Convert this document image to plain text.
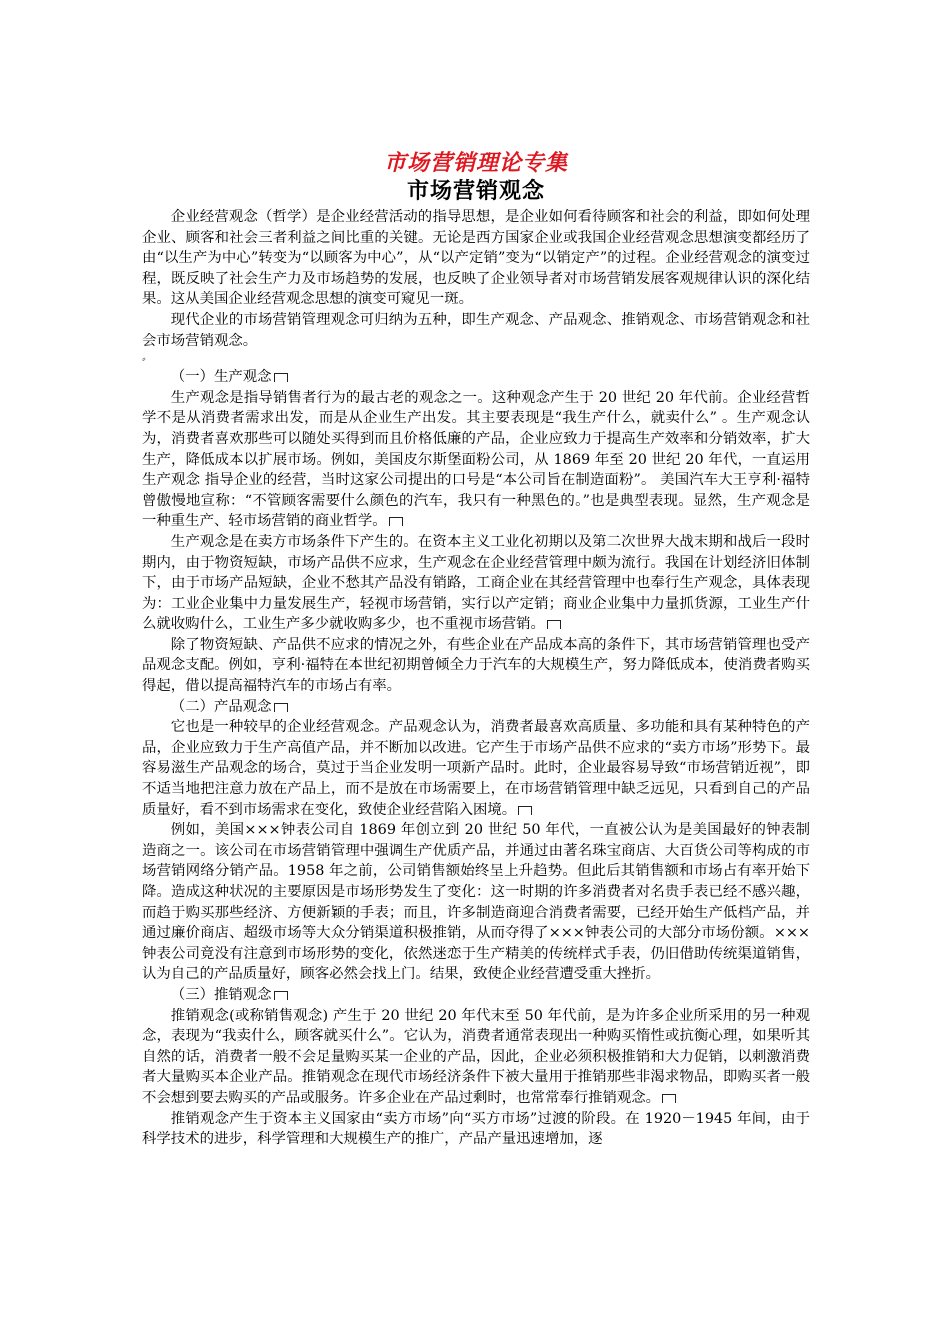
市场营销理论专集
市场营销观念

企业经营观念（哲学）是企业经营活动的指导思想，是企业如何看待顾客和社会的利益，即如何处理企业、顾客和社会三者利益之间比重的关键。无论是西方国家企业或我国企业经营观念思想演变都经历了由“以生产为中心”转变为“以顾客为中心”，从“以产定销”变为“以销定产”的过程。企业经营观念的演变过程，既反映了社会生产力及市场趋势的发展，也反映了企业领导者对市场营销发展客观规律认识的深化结果。这从美国企业经营观念思想的演变可窥见一斑。

现代企业的市场营销管理观念可归纳为五种，即生产观念、产品观念、推销观念、市场营销观念和社会市场营销观念。

⸗

（一）生产观念

生产观念是指导销售者行为的最古老的观念之一。这种观念产生于 20 世纪 20 年代前。企业经营哲学不是从消费者需求出发，而是从企业生产出发。其主要表现是“我生产什么，就卖什么” 。生产观念认为，消费者喜欢那些可以随处买得到而且价格低廉的产品，企业应致力于提高生产效率和分销效率，扩大生产，降低成本以扩展市场。例如，美国皮尔斯堡面粉公司，从 1869 年至 20 世纪 20 年代，一直运用生产观念 指导企业的经营，当时这家公司提出的口号是“本公司旨在制造面粉”。 美国汽车大王亨利·福特曾傲慢地宣称：“不管顾客需要什么颜色的汽车，我只有一种黑色的。”也是典型表现。显然，生产观念是一种重生产、轻市场营销的商业哲学。

生产观念是在卖方市场条件下产生的。在资本主义工业化初期以及第二次世界大战末期和战后一段时期内，由于物资短缺，市场产品供不应求，生产观念在企业经营管理中颇为流行。我国在计划经济旧体制下，由于市场产品短缺，企业不愁其产品没有销路，工商企业在其经营管理中也奉行生产观念，具体表现为：工业企业集中力量发展生产，轻视市场营销，实行以产定销；商业企业集中力量抓货源，工业生产什么就收购什么，工业生产多少就收购多少，也不重视市场营销。

除了物资短缺、产品供不应求的情况之外，有些企业在产品成本高的条件下，其市场营销管理也受产品观念支配。例如，亨利·福特在本世纪初期曾倾全力于汽车的大规模生产，努力降低成本，使消费者购买得起，借以提高福特汽车的市场占有率。

（二）产品观念

它也是一种较早的企业经营观念。产品观念认为，消费者最喜欢高质量、多功能和具有某种特色的产品，企业应致力于生产高值产品，并不断加以改进。它产生于市场产品供不应求的“卖方市场”形势下。最容易滋生产品观念的场合，莫过于当企业发明一项新产品时。此时，企业最容易导致“市场营销近视”，即不适当地把注意力放在产品上，而不是放在市场需要上，在市场营销管理中缺乏远见，只看到自己的产品质量好，看不到市场需求在变化，致使企业经营陷入困境。

例如，美国×××钟表公司自 1869 年创立到 20 世纪 50 年代，一直被公认为是美国最好的钟表制造商之一。该公司在市场营销管理中强调生产优质产品，并通过由著名珠宝商店、大百货公司等构成的市场营销网络分销产品。1958 年之前，公司销售额始终呈上升趋势。但此后其销售额和市场占有率开始下降。造成这种状况的主要原因是市场形势发生了变化：这一时期的许多消费者对名贵手表已经不感兴趣，而趋于购买那些经济、方便新颖的手表；而且，许多制造商迎合消费者需要，已经开始生产低档产品，并通过廉价商店、超级市场等大众分销渠道积极推销，从而夺得了×××钟表公司的大部分市场份额。×××钟表公司竟没有注意到市场形势的变化，依然迷恋于生产精美的传统样式手表，仍旧借助传统渠道销售，认为自己的产品质量好，顾客必然会找上门。结果，致使企业经营遭受重大挫折。

（三）推销观念

推销观念(或称销售观念) 产生于 20 世纪 20 年代末至 50 年代前，是为许多企业所采用的另一种观念，表现为“我卖什么，顾客就买什么”。它认为，消费者通常表现出一种购买惰性或抗衡心理，如果听其自然的话，消费者一般不会足量购买某一企业的产品，因此，企业必须积极推销和大力促销，以刺激消费者大量购买本企业产品。推销观念在现代市场经济条件下被大量用于推销那些非渴求物品，即购买者一般不会想到要去购买的产品或服务。许多企业在产品过剩时，也常常奉行推销观念。

推销观念产生于资本主义国家由“卖方市场”向“买方市场”过渡的阶段。在 1920－1945 年间，由于科学技术的进步，科学管理和大规模生产的推广，产品产量迅速增加，逐
